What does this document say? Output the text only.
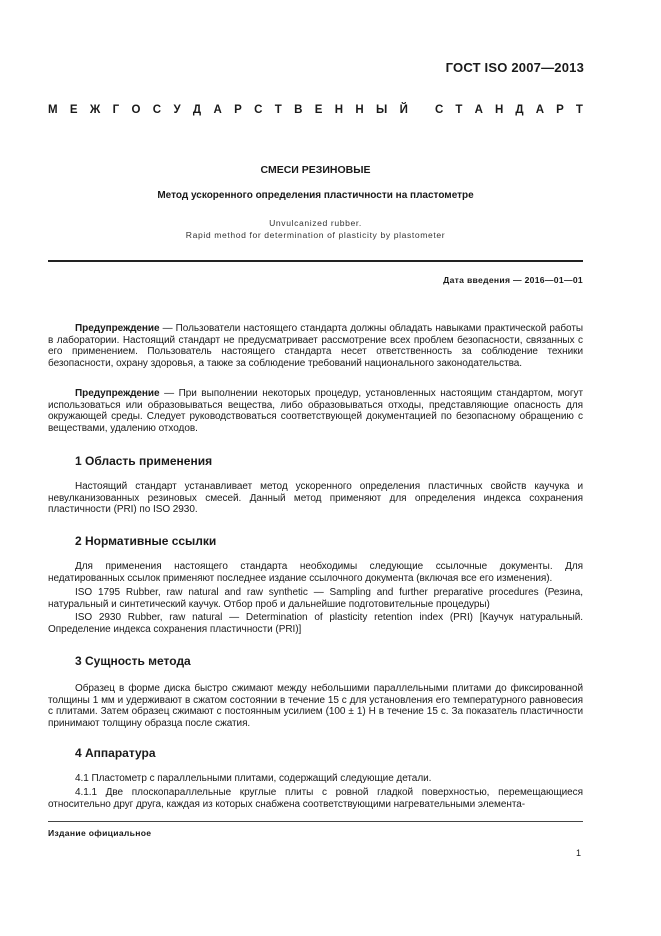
ГОСТ ISO 2007—2013
М Е Ж Г О С У Д А Р С Т В Е Н Н Ы Й С Т А Н Д А Р Т
СМЕСИ РЕЗИНОВЫЕ
Метод ускоренного определения пластичности на пластометре
Unvulcanized rubber.
Rapid method for determination of plasticity by plastometer
Дата введения — 2016—01—01

Предупреждение — Пользователи настоящего стандарта должны обладать навыками практической работы в лаборатории. Настоящий стандарт не предусматривает рассмотрение всех проблем безопасности, связанных с его применением. Пользователь настоящего стандарта несет ответственность за соблюдение техники безопасности, охрану здоровья, а также за соблюдение требований национального законодательства.

Предупреждение — При выполнении некоторых процедур, установленных настоящим стандартом, могут использоваться или образовываться вещества, либо образовываться отходы, представляющие опасность для окружающей среды. Следует руководствоваться соответствующей документацией по безопасному обращению с веществами, удалению отходов.

1 Область применения

Настоящий стандарт устанавливает метод ускоренного определения пластичных свойств каучука и невулканизованных резиновых смесей. Данный метод применяют для определения индекса сохранения пластичности (PRI) по ISO 2930.

2 Нормативные ссылки

Для применения настоящего стандарта необходимы следующие ссылочные документы. Для недатированных ссылок применяют последнее издание ссылочного документа (включая все его изменения).

ISO 1795 Rubber, raw natural and raw synthetic — Sampling and further preparative procedures (Резина, натуральный и синтетический каучук. Отбор проб и дальнейшие подготовительные процедуры)

ISO 2930 Rubber, raw natural — Determination of plasticity retention index (PRI) [Каучук натуральный. Определение индекса сохранения пластичности (PRI)]

3 Сущность метода

Образец в форме диска быстро сжимают между небольшими параллельными плитами до фиксированной толщины 1 мм и удерживают в сжатом состоянии в течение 15 с для установления его температурного равновесия с плитами. Затем образец сжимают с постоянным усилием (100 ± 1) Н в течение 15 с. За показатель пластичности принимают толщину образца после сжатия.

4 Аппаратура

4.1 Пластометр с параллельными плитами, содержащий следующие детали.

4.1.1 Две плоскопараллельные круглые плиты с ровной гладкой поверхностью, перемещающиеся относительно друг друга, каждая из которых снабжена соответствующими нагревательными элемента-

Издание официальное
1
